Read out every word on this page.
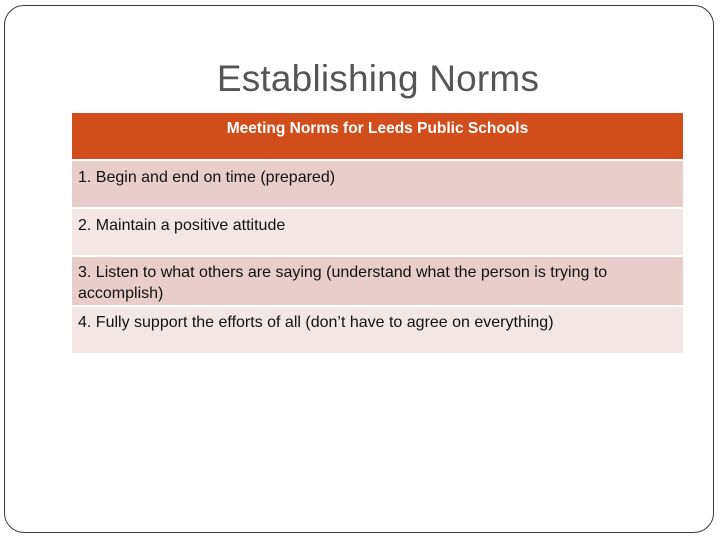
Establishing Norms
Meeting Norms for Leeds Public Schools
1. Begin and end on time (prepared)
2. Maintain a positive attitude
3. Listen to what others are saying (understand what the person is trying to accomplish)
4. Fully support the efforts of all (don’t have to agree on everything)
